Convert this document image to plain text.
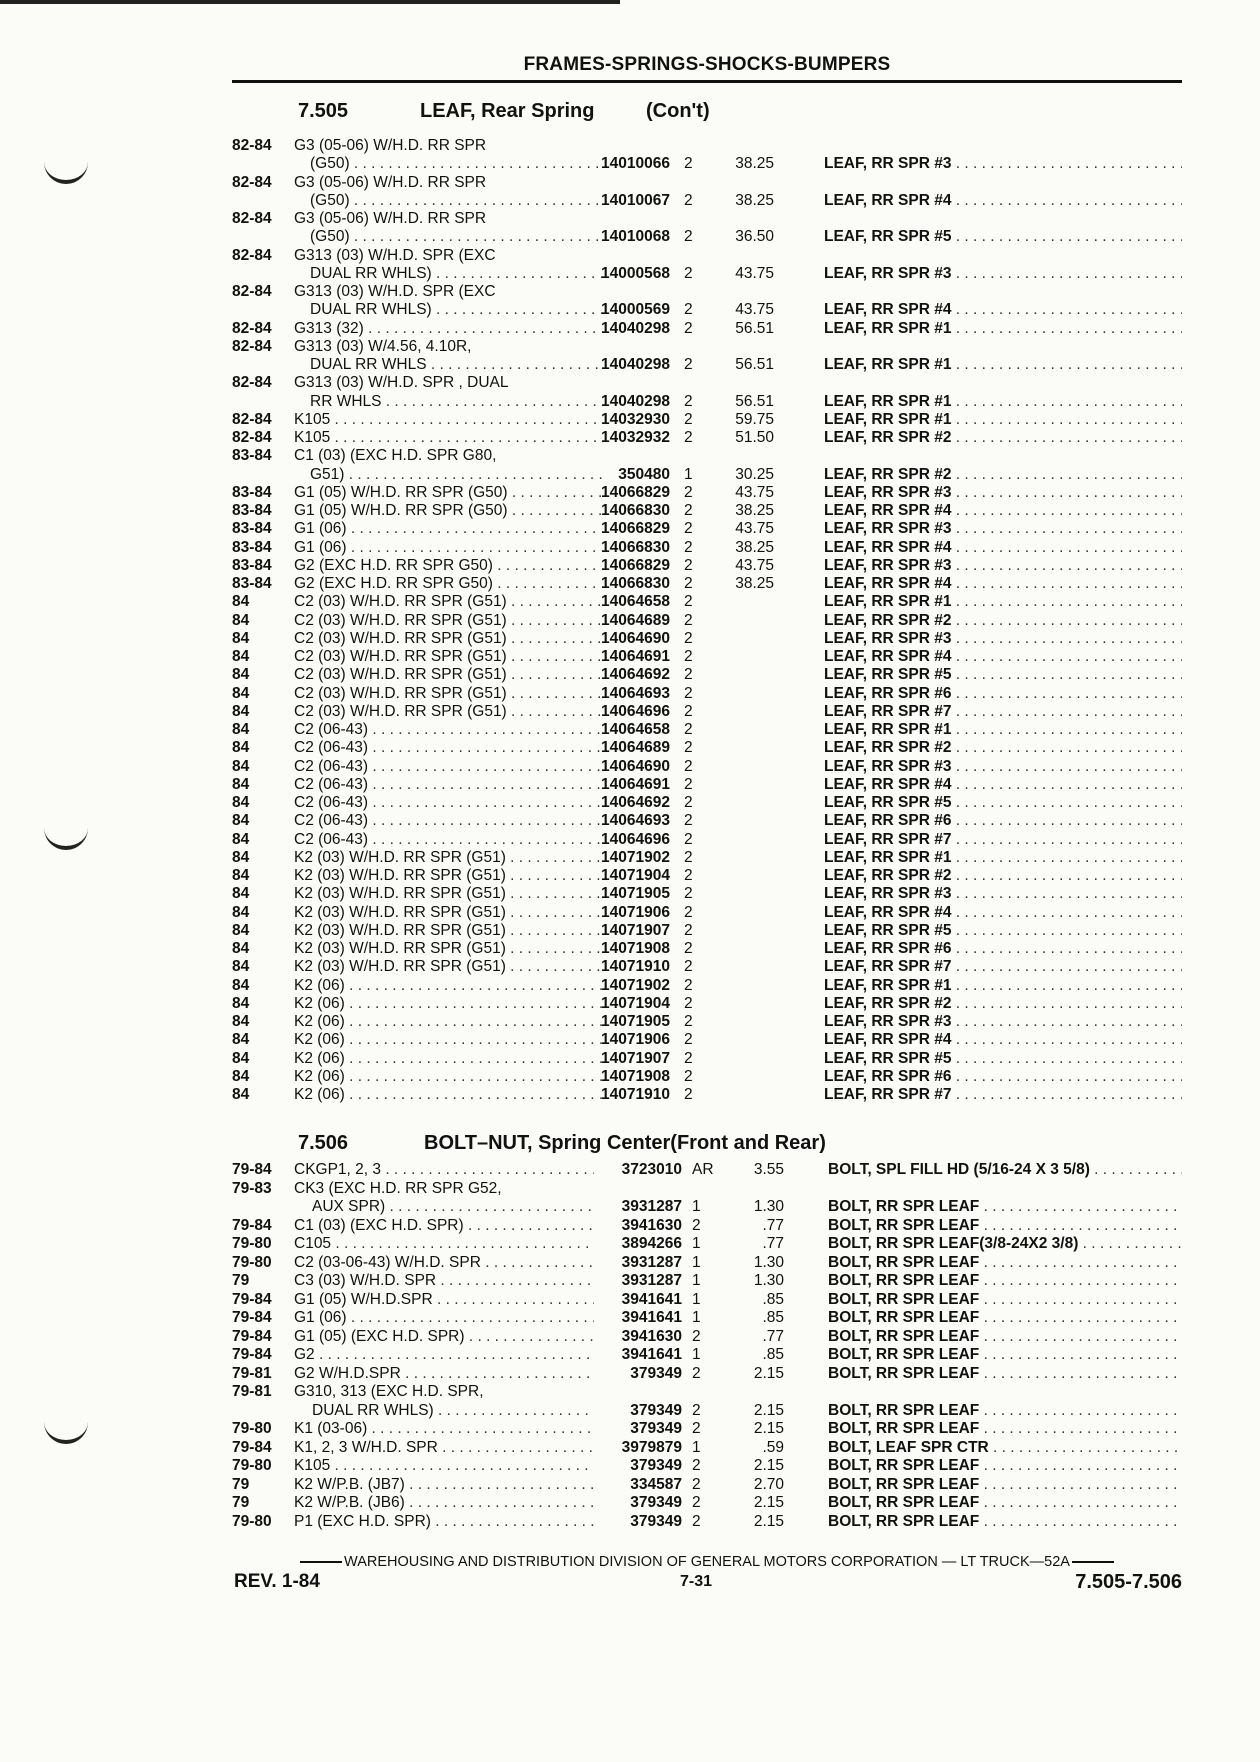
FRAMES-SPRINGS-SHOCKS-BUMPERS
7.505	LEAF, Rear Spring	(Con't)
82-84 G3 (05-06) W/H.D. RR SPR
(G50) . . .	14010066 2	38.25	LEAF, RR SPR #3 . . .
82-84 G3 (05-06) W/H.D. RR SPR
(G50) . . .	14010067 2	38.25	LEAF, RR SPR #4 . . .
82-84 G3 (05-06) W/H.D. RR SPR
(G50) . . .	14010068 2	36.50	LEAF, RR SPR #5 . . .
82-84 G313 (03) W/H.D. SPR (EXC
DUAL RR WHLS) . . .	14000568 2	43.75	LEAF, RR SPR #3 . . .
82-84 G313 (03) W/H.D. SPR (EXC
DUAL RR WHLS) . . .	14000569 2	43.75	LEAF, RR SPR #4 . . .
82-84 G313 (32) . . .	14040298 2	56.51	LEAF, RR SPR #1 . . .
82-84 G313 (03) W/4.56, 4.10R,
DUAL RR WHLS . . .	14040298 2	56.51	LEAF, RR SPR #1 . . .
82-84 G313 (03) W/H.D. SPR , DUAL
RR WHLS . . .	14040298 2	56.51	LEAF, RR SPR #1 . . .
82-84 K105 . . .	14032930 2	59.75	LEAF, RR SPR #1 . . .
82-84 K105 . . .	14032932 2	51.50	LEAF, RR SPR #2 . . .
83-84 C1 (03) (EXC H.D. SPR G80,
G51) . . .	350480 1	30.25	LEAF, RR SPR #2 . . .
83-84 G1 (05) W/H.D. RR SPR (G50) . . .	14066829 2	43.75	LEAF, RR SPR #3 . . .
83-84 G1 (05) W/H.D. RR SPR (G50) . . .	14066830 2	38.25	LEAF, RR SPR #4 . . .
83-84 G1 (06) . . .	14066829 2	43.75	LEAF, RR SPR #3 . . .
83-84 G1 (06) . . .	14066830 2	38.25	LEAF, RR SPR #4 . . .
83-84 G2 (EXC H.D. RR SPR G50) . . .	14066829 2	43.75	LEAF, RR SPR #3 . . .
83-84 G2 (EXC H.D. RR SPR G50) . . .	14066830 2	38.25	LEAF, RR SPR #4 . . .
84	C2 (03) W/H.D. RR SPR (G51) . . .	14064658 2	LEAF, RR SPR #1 . . .
84	C2 (03) W/H.D. RR SPR (G51) . . .	14064689 2	LEAF, RR SPR #2 . . .
84	C2 (03) W/H.D. RR SPR (G51) . . .	14064690 2	LEAF, RR SPR #3 . . .
84	C2 (03) W/H.D. RR SPR (G51) . . .	14064691 2	LEAF, RR SPR #4 . . .
84	C2 (03) W/H.D. RR SPR (G51) . . .	14064692 2	LEAF, RR SPR #5 . . .
84	C2 (03) W/H.D. RR SPR (G51) . . .	14064693 2	LEAF, RR SPR #6 . . .
84	C2 (03) W/H.D. RR SPR (G51) . . .	14064696 2	LEAF, RR SPR #7 . . .
84	C2 (06-43) . . .	14064658 2	LEAF, RR SPR #1 . . .
84	C2 (06-43) . . .	14064689 2	LEAF, RR SPR #2 . . .
84	C2 (06-43) . . .	14064690 2	LEAF, RR SPR #3 . . .
84	C2 (06-43) . . .	14064691 2	LEAF, RR SPR #4 . . .
84	C2 (06-43) . . .	14064692 2	LEAF, RR SPR #5 . . .
84	C2 (06-43) . . .	14064693 2	LEAF, RR SPR #6 . . .
84	C2 (06-43) . . .	14064696 2	LEAF, RR SPR #7 . . .
84	K2 (03) W/H.D. RR SPR (G51) . . .	14071902 2	LEAF, RR SPR #1 . . .
84	K2 (03) W/H.D. RR SPR (G51) . . .	14071904 2	LEAF, RR SPR #2 . . .
84	K2 (03) W/H.D. RR SPR (G51) . . .	14071905 2	LEAF, RR SPR #3 . . .
84	K2 (03) W/H.D. RR SPR (G51) . . .	14071906 2	LEAF, RR SPR #4 . . .
84	K2 (03) W/H.D. RR SPR (G51) . . .	14071907 2	LEAF, RR SPR #5 . . .
84	K2 (03) W/H.D. RR SPR (G51) . . .	14071908 2	LEAF, RR SPR #6 . . .
84	K2 (03) W/H.D. RR SPR (G51) . . .	14071910 2	LEAF, RR SPR #7 . . .
84	K2 (06) . . .	14071902 2	LEAF, RR SPR #1 . . .
84	K2 (06) . . .	14071904 2	LEAF, RR SPR #2 . . .
84	K2 (06) . . .	14071905 2	LEAF, RR SPR #3 . . .
84	K2 (06) . . .	14071906 2	LEAF, RR SPR #4 . . .
84	K2 (06) . . .	14071907 2	LEAF, RR SPR #5 . . .
84	K2 (06) . . .	14071908 2	LEAF, RR SPR #6 . . .
84	K2 (06) . . .	14071910 2	LEAF, RR SPR #7 . . .
7.506	BOLT–NUT, Spring Center(Front and Rear)
79-84 CKGP1, 2, 3 . . .	3723010 AR	3.55	BOLT, SPL FILL HD (5/16-24 X 3 5/8) . . .
79-83 CK3 (EXC H.D. RR SPR G52,
AUX SPR) . . .	3931287 1	1.30	BOLT, RR SPR LEAF . . .
79-84 C1 (03) (EXC H.D. SPR) . . .	3941630 2	.77	BOLT, RR SPR LEAF . . .
79-80 C105 . . .	3894266 1	.77	BOLT, RR SPR LEAF(3/8-24X2 3/8) . . .
79-80 C2 (03-06-43) W/H.D. SPR . . .	3931287 1	1.30	BOLT, RR SPR LEAF . . .
79	C3 (03) W/H.D. SPR . . .	3931287 1	1.30	BOLT, RR SPR LEAF . . .
79-84 G1 (05) W/H.D.SPR . . .	3941641 1	.85	BOLT, RR SPR LEAF . . .
79-84 G1 (06) . . .	3941641 1	.85	BOLT, RR SPR LEAF . . .
79-84 G1 (05) (EXC H.D. SPR) . . .	3941630 2	.77	BOLT, RR SPR LEAF . . .
79-84 G2 . . .	3941641 1	.85	BOLT, RR SPR LEAF . . .
79-81 G2 W/H.D.SPR . . .	379349 2	2.15	BOLT, RR SPR LEAF . . .
79-81 G310, 313 (EXC H.D. SPR,
DUAL RR WHLS) . . .	379349 2	2.15	BOLT, RR SPR LEAF . . .
79-80 K1 (03-06) . . .	379349 2	2.15	BOLT, RR SPR LEAF . . .
79-84 K1, 2, 3 W/H.D. SPR . . .	3979879 1	.59	BOLT, LEAF SPR CTR . . .
79-80 K105 . . .	379349 2	2.15	BOLT, RR SPR LEAF . . .
79	K2 W/P.B. (JB7) . . .	334587 2	2.70	BOLT, RR SPR LEAF . . .
79	K2 W/P.B. (JB6) . . .	379349 2	2.15	BOLT, RR SPR LEAF . . .
79-80 P1 (EXC H.D. SPR) . . .	379349 2	2.15	BOLT, RR SPR LEAF . . .
WAREHOUSING AND DISTRIBUTION DIVISION OF GENERAL MOTORS CORPORATION — LT TRUCK—52A
REV. 1-84	7-31	7.505-7.506
